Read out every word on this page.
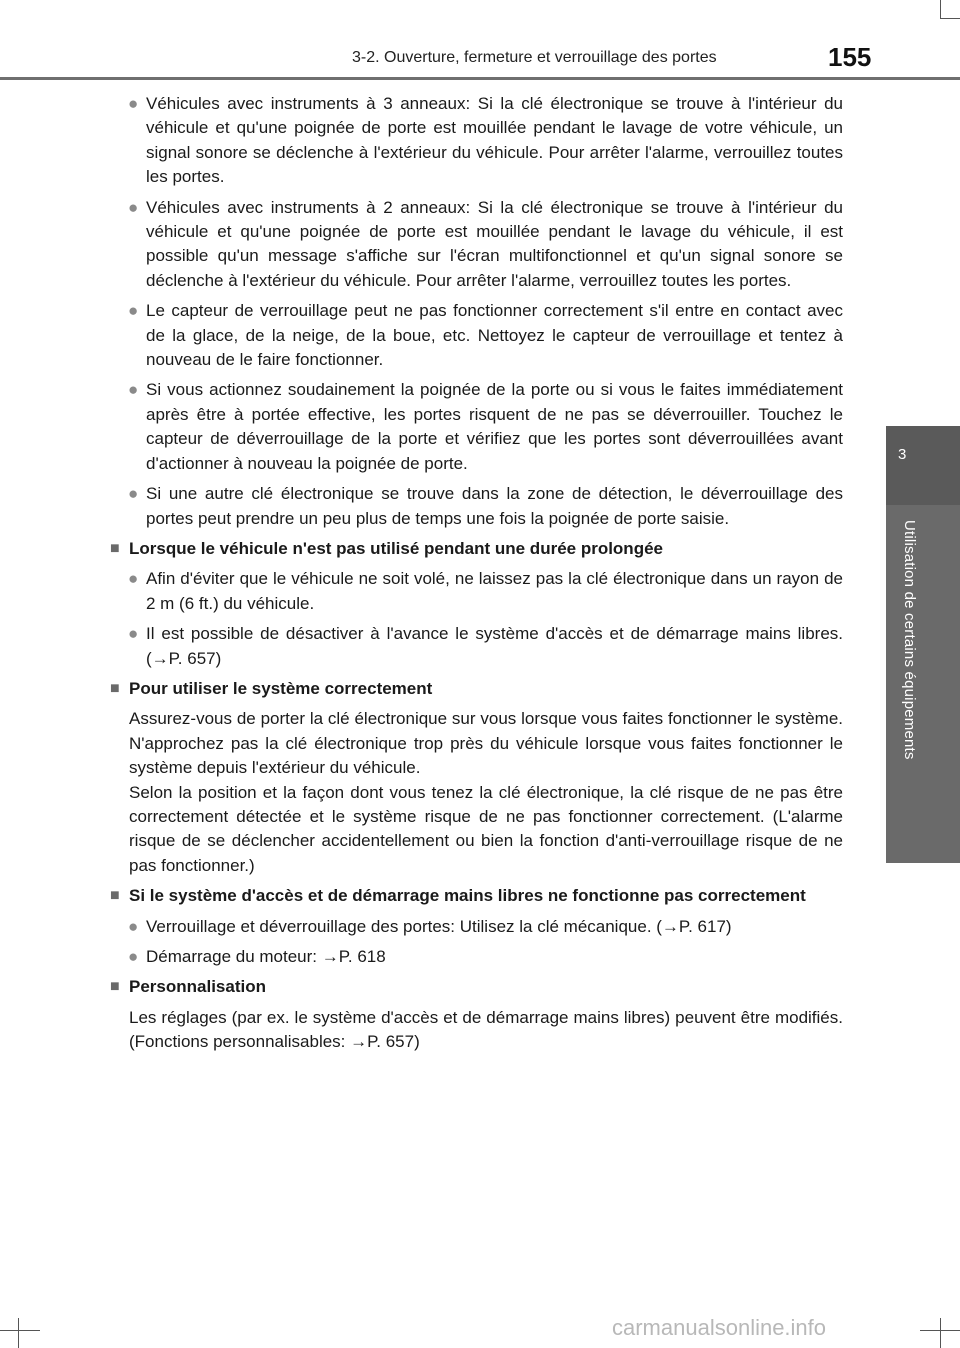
3-2. Ouverture, fermeture et verrouillage des portes	155
3
Utilisation de certains équipements
● Véhicules avec instruments à 3 anneaux: Si la clé électronique se trouve à l'intérieur du véhicule et qu'une poignée de porte est mouillée pendant le lavage de votre véhicule, un signal sonore se déclenche à l'extérieur du véhicule. Pour arrêter l'alarme, verrouillez toutes les portes.
● Véhicules avec instruments à 2 anneaux: Si la clé électronique se trouve à l'intérieur du véhicule et qu'une poignée de porte est mouillée pendant le lavage du véhicule, il est possible qu'un message s'affiche sur l'écran multifonctionnel et qu'un signal sonore se déclenche à l'extérieur du véhicule. Pour arrêter l'alarme, verrouillez toutes les portes.
● Le capteur de verrouillage peut ne pas fonctionner correctement s'il entre en contact avec de la glace, de la neige, de la boue, etc. Nettoyez le capteur de verrouillage et tentez à nouveau de le faire fonctionner.
● Si vous actionnez soudainement la poignée de la porte ou si vous le faites immédiatement après être à portée effective, les portes risquent de ne pas se déverrouiller. Touchez le capteur de déverrouillage de la porte et vérifiez que les portes sont déverrouillées avant d'actionner à nouveau la poignée de porte.
● Si une autre clé électronique se trouve dans la zone de détection, le déverrouillage des portes peut prendre un peu plus de temps une fois la poignée de porte saisie.
■ Lorsque le véhicule n'est pas utilisé pendant une durée prolongée
● Afin d'éviter que le véhicule ne soit volé, ne laissez pas la clé électronique dans un rayon de 2 m (6 ft.) du véhicule.
● Il est possible de désactiver à l'avance le système d'accès et de démarrage mains libres. (→P. 657)
■ Pour utiliser le système correctement

Assurez-vous de porter la clé électronique sur vous lorsque vous faites fonctionner le système. N'approchez pas la clé électronique trop près du véhicule lorsque vous faites fonctionner le système depuis l'extérieur du véhicule.

Selon la position et la façon dont vous tenez la clé électronique, la clé risque de ne pas être correctement détectée et le système risque de ne pas fonctionner correctement. (L'alarme risque de se déclencher accidentellement ou bien la fonction d'anti-verrouillage risque de ne pas fonctionner.)

■ Si le système d'accès et de démarrage mains libres ne fonctionne pas correctement
● Verrouillage et déverrouillage des portes: Utilisez la clé mécanique. (→P. 617)
● Démarrage du moteur: →P. 618
■ Personnalisation

Les réglages (par ex. le système d'accès et de démarrage mains libres) peuvent être modifiés. (Fonctions personnalisables: →P. 657)

carmanualsonline.info
